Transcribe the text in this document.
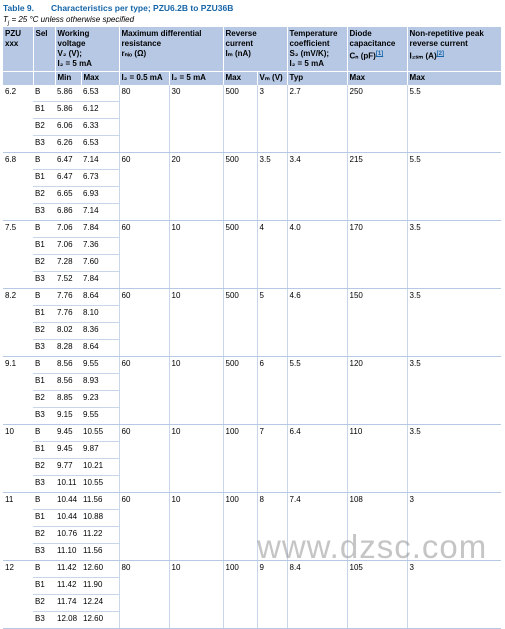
Table 9. Characteristics per type; PZU6.2B to PZU36B
$T_j = 25$ °C unless otherwise specified
PZU
xxx	Sel	Working
voltage
V₂ (V);
I₂ = 5 mA		Maximum differential
resistance
rₙᵢₒ (Ω)		Reverse
current
Iₘ (nA)		Temperature
coefficient
S₂ (mV/K);
I₂ = 5 mA	Diode
capacitance
Cₙ (pF)[1]	Non-repetitive peak
reverse current
I₂ₛₘ (A)[2]
		Min	Max	I₂ = 0.5 mA	I₂ = 5 mA	Max	Vₘ (V)	Typ	Max	Max
6.2	B	5.86	6.53	80	30	500	3	2.7	250	5.5
	B1	5.86	6.12							
	B2	6.06	6.33							
	B3	6.26	6.53							
6.8	B	6.47	7.14	60	20	500	3.5	3.4	215	5.5
	B1	6.47	6.73							
	B2	6.65	6.93							
	B3	6.86	7.14							
7.5	B	7.06	7.84	60	10	500	4	4.0	170	3.5
	B1	7.06	7.36							
	B2	7.28	7.60							
	B3	7.52	7.84							
8.2	B	7.76	8.64	60	10	500	5	4.6	150	3.5
	B1	7.76	8.10							
	B2	8.02	8.36							
	B3	8.28	8.64							
9.1	B	8.56	9.55	60	10	500	6	5.5	120	3.5
	B1	8.56	8.93							
	B2	8.85	9.23							
	B3	9.15	9.55							
10	B	9.45	10.55	60	10	100	7	6.4	110	3.5
	B1	9.45	9.87							
	B2	9.77	10.21							
	B3	10.11	10.55							
11	B	10.44	11.56	60	10	100	8	7.4	108	3
	B1	10.44	10.88							
	B2	10.76	11.22							
	B3	11.10	11.56							
12	B	11.42	12.60	80	10	100	9	8.4	105	3
	B1	11.42	11.90							
	B2	11.74	12.24							
	B3	12.08	12.60							
www.dzsc.com
